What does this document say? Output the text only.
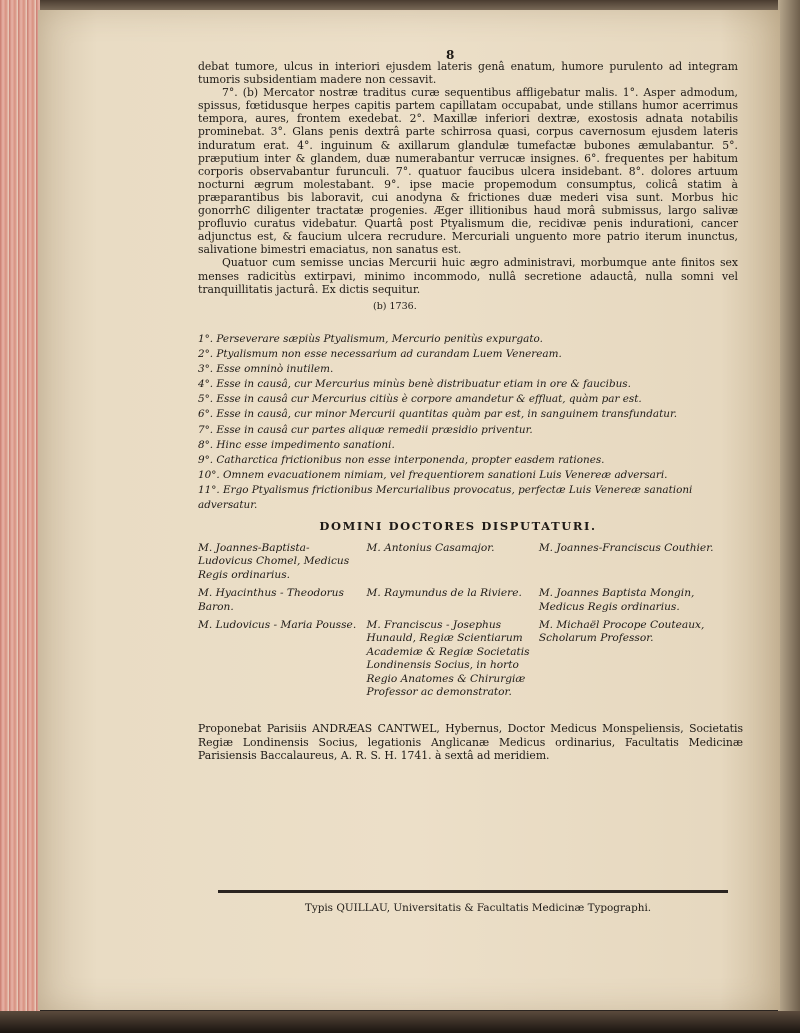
8

debat tumore, ulcus in interiori ejusdem lateris genâ enatum, humore purulento ad integram tumoris subsidentiam madere non cessavit.

7°. (b) Mercator nostræ traditus curæ sequentibus affligebatur malis. 1°. Asper admodum, spissus, fœtidusque herpes capitis partem capillatam occupabat, unde stillans humor acerrimus tempora, aures, frontem exedebat. 2°. Maxillæ inferiori dextræ, exostosis adnata notabilis prominebat. 3°. Glans penis dextrâ parte schirrosa quasi, corpus cavernosum ejusdem lateris induratum erat. 4°. inguinum & axillarum glandulæ tumefactæ bubones æmulabantur. 5°. præputium inter & glandem, duæ numerabantur verrucæ insignes. 6°. frequentes per habitum corporis observabantur furunculi. 7°. quatuor faucibus ulcera insidebant. 8°. dolores artuum nocturni ægrum molestabant. 9°. ipse macie propemodum consumptus, colicâ statim à præparantibus bis laboravit, cui anodyna & frictiones duæ mederi visa sunt. Morbus hic gonorrhϾ diligenter tractatæ progenies. Æger illitionibus haud morâ submissus, largo salivæ profluvio curatus videbatur. Quartâ post Ptyalismum die, recidivæ penis indurationi, cancer adjunctus est, & faucium ulcera recrudure. Mercuriali unguento more patrio iterum inunctus, salivatione bimestri emaciatus, non sanatus est.

Quatuor cum semisse uncias Mercurii huic ægro administravi, morbumque ante finitos sex menses radicitùs extirpavi, minimo incommodo, nullâ secretione adauctâ, nulla somni vel tranquillitatis jacturâ. Ex dictis sequitur.

(b) 1736.
1°. Perseverare sæpiùs Ptyalismum, Mercurio penitùs expurgato.
2°. Ptyalismum non esse necessarium ad curandam Luem Veneream.
3°. Esse omninò inutilem.
4°. Esse in causâ, cur Mercurius minùs benè distribuatur etiam in ore & faucibus.
5°. Esse in causâ cur Mercurius citiùs è corpore amandetur & effluat, quàm par est.
6°. Esse in causâ, cur minor Mercurii quantitas quàm par est, in sanguinem transfundatur.
7°. Esse in causâ cur partes aliquæ remedii præsidio priventur.
8°. Hinc esse impedimento sanationi.
9°. Catharctica frictionibus non esse interponenda, propter easdem rationes.
10°. Omnem evacuationem nimiam, vel frequentiorem sanationi Luis Venereæ adversari.
11°. Ergo Ptyalismus frictionibus Mercurialibus provocatus, perfectæ Luis Venereæ sanationi adversatur.
DOMINI DOCTORES DISPUTATURI.
M. Joannes-Baptista-Ludovicus Chomel, Medicus Regis ordinarius.
M. Antonius Casamajor.	M. Joannes-Franciscus Couthier.
M. Hyacinthus - Theodorus Baron.
M. Raymundus de la Riviere.	M. Joannes Baptista Mongin, Medicus Regis ordinarius.
M. Ludovicus - Maria Pousse. M. Franciscus - Josephus Hunauld, Regiæ Scientiarum Academiæ & Regiæ Societatis Londinensis Socius, in horto Regio Anatomes & Chirurgiæ Professor ac demonstrator.
M. Michaël Procope Couteaux, Scholarum Professor.
Proponebat Parisiis ANDRÆAS CANTWEL, Hybernus, Doctor Medicus Monspeliensis, Societatis Regiæ Londinensis Socius, legationis Anglicanæ Medicus ordinarius, Facultatis Medicinæ Parisiensis Baccalaureus, A. R. S. H. 1741. à sextâ ad meridiem.
Typis QUILLAU, Universitatis & Facultatis Medicinæ Typographi.
